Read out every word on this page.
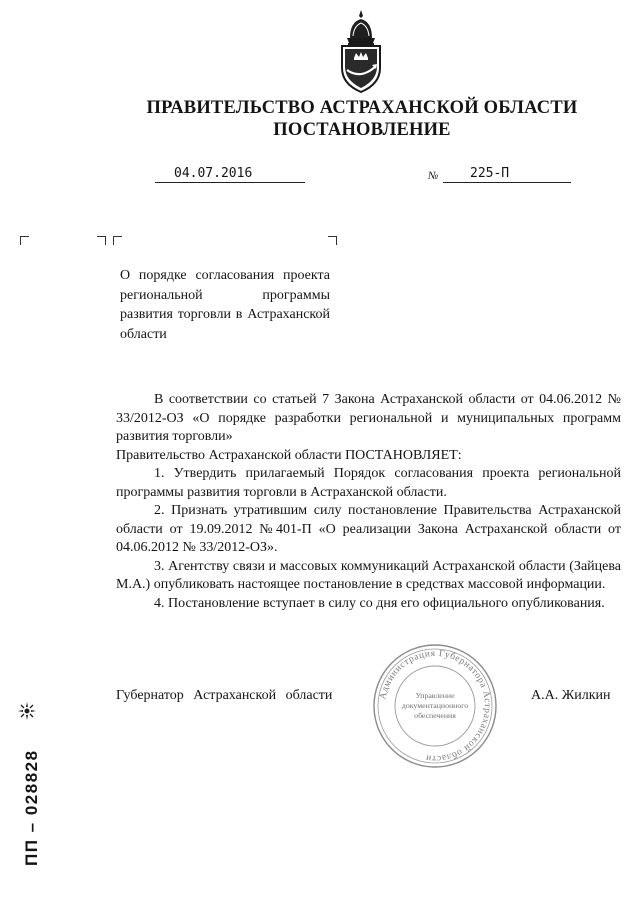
ПРАВИТЕЛЬСТВО АСТРАХАНСКОЙ ОБЛАСТИ
ПОСТАНОВЛЕНИЕ
04.07.2016	№ 225-П
О порядке согласования проекта региональной программы развития торговли в Астраханской области

В соответствии со статьей 7 Закона Астраханской области от 04.06.2012 № 33/2012-ОЗ «О порядке разработки региональной и муниципальных программ развития торговли»

Правительство Астраханской области ПОСТАНОВЛЯЕТ:

1. Утвердить прилагаемый Порядок согласования проекта региональной программы развития торговли в Астраханской области.

2. Признать утратившим силу постановление Правительства Астраханской области от 19.09.2012 №401-П «О реализации Закона Астраханской области от 04.06.2012 № 33/2012-ОЗ».

3. Агентству связи и массовых коммуникаций Астраханской области (Зайцева М.А.) опубликовать настоящее постановление в средствах массовой информации.

4. Постановление вступает в силу со дня его официального опубликования.

Губернатор Астраханской области	А.А. Жилкин
Администрация Губернатора Астраханской области
Управление
документационного
обеспечения
ПП – 028828
